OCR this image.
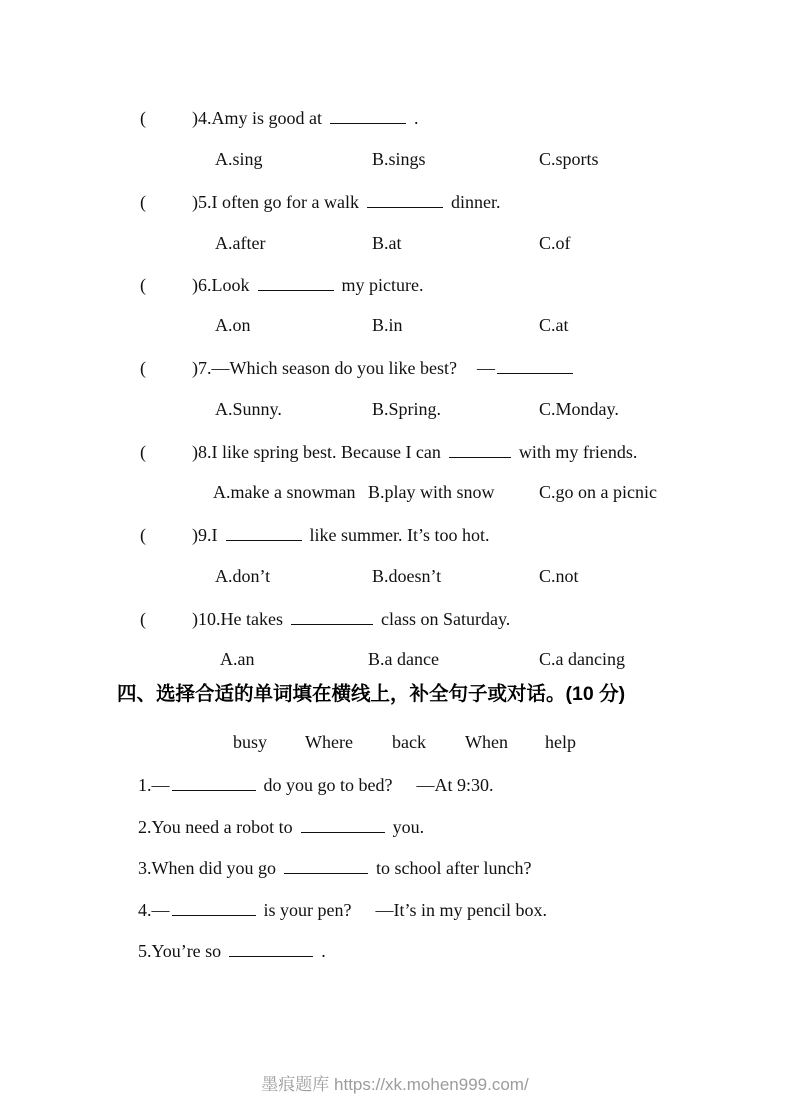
(	)4.Amy is good at	.
A.sing	B.sings	C.sports
(	)5.I often go for a walk	dinner.
A.after	B.at	C.of
(	)6.Look	my picture.
A.on	B.in	C.at
(	)7.—Which season do you like best? —
A.Sunny.	B.Spring.	C.Monday.
(	)8.I like spring best. Because I can	with my friends.
A.make a snowman B.play with snow C.go on a picnic
(	)9.I	like summer. It’s too hot.
A.don’t	B.doesn’t	C.not
(	)10.He takes	class on Saturday.
A.an	B.a dance	C.a dancing
四、选择合适的单词填在横线上，补全句子或对话。(10 分)
busy Where back When help
1.—	do you go to bed? —At 9:30.
2.You need a robot to	you.
3.When did you go	to school after lunch?
4.—	is your pen? —It’s in my pencil box.
5.You’re so	.
墨痕题库 https://xk.mohen999.com/
